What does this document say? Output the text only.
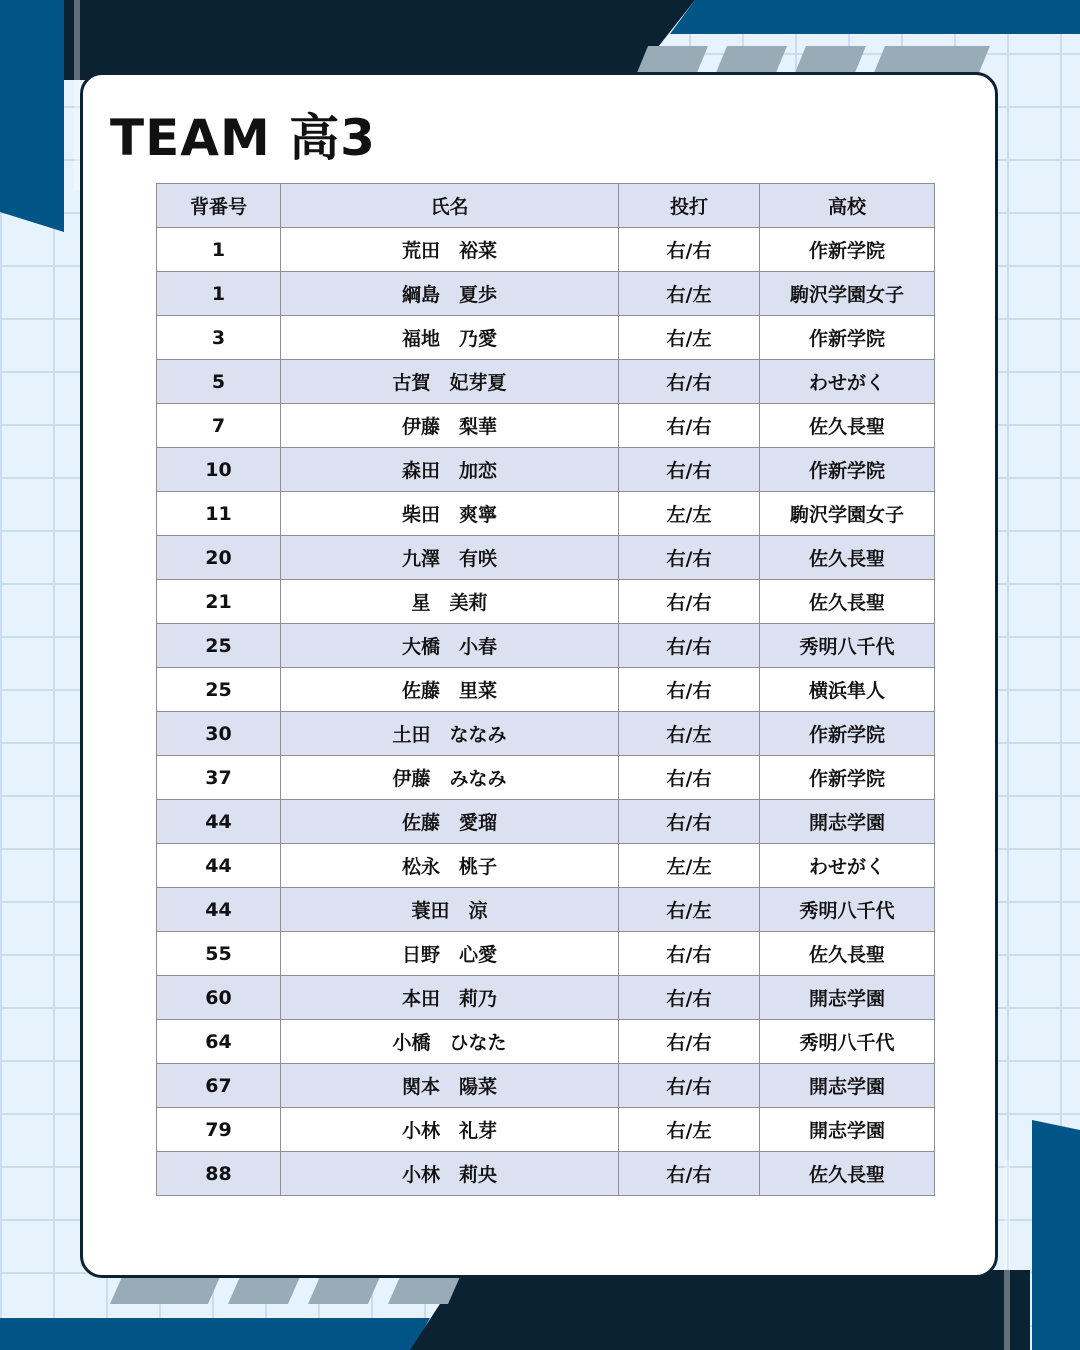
TEAM 高3
背番号	氏名	投打	高校
1	荒田　裕菜	右/右	作新学院
1	綱島　夏歩	右/左	駒沢学園女子
3	福地　乃愛	右/左	作新学院
5	古賀　妃芽夏	右/右	わせがく
7	伊藤　梨華	右/右	佐久長聖
10	森田　加恋	右/右	作新学院
11	柴田　爽寧	左/左	駒沢学園女子
20	九澤　有咲	右/右	佐久長聖
21	星　美莉	右/右	佐久長聖
25	大橋　小春	右/右	秀明八千代
25	佐藤　里菜	右/右	横浜隼人
30	土田　ななみ	右/左	作新学院
37	伊藤　みなみ	右/右	作新学院
44	佐藤　愛瑠	右/右	開志学園
44	松永　桃子	左/左	わせがく
44	蓑田　涼	右/左	秀明八千代
55	日野　心愛	右/右	佐久長聖
60	本田　莉乃	右/右	開志学園
64	小橋　ひなた	右/右	秀明八千代
67	関本　陽菜	右/右	開志学園
79	小林　礼芽	右/左	開志学園
88	小林　莉央	右/右	佐久長聖
